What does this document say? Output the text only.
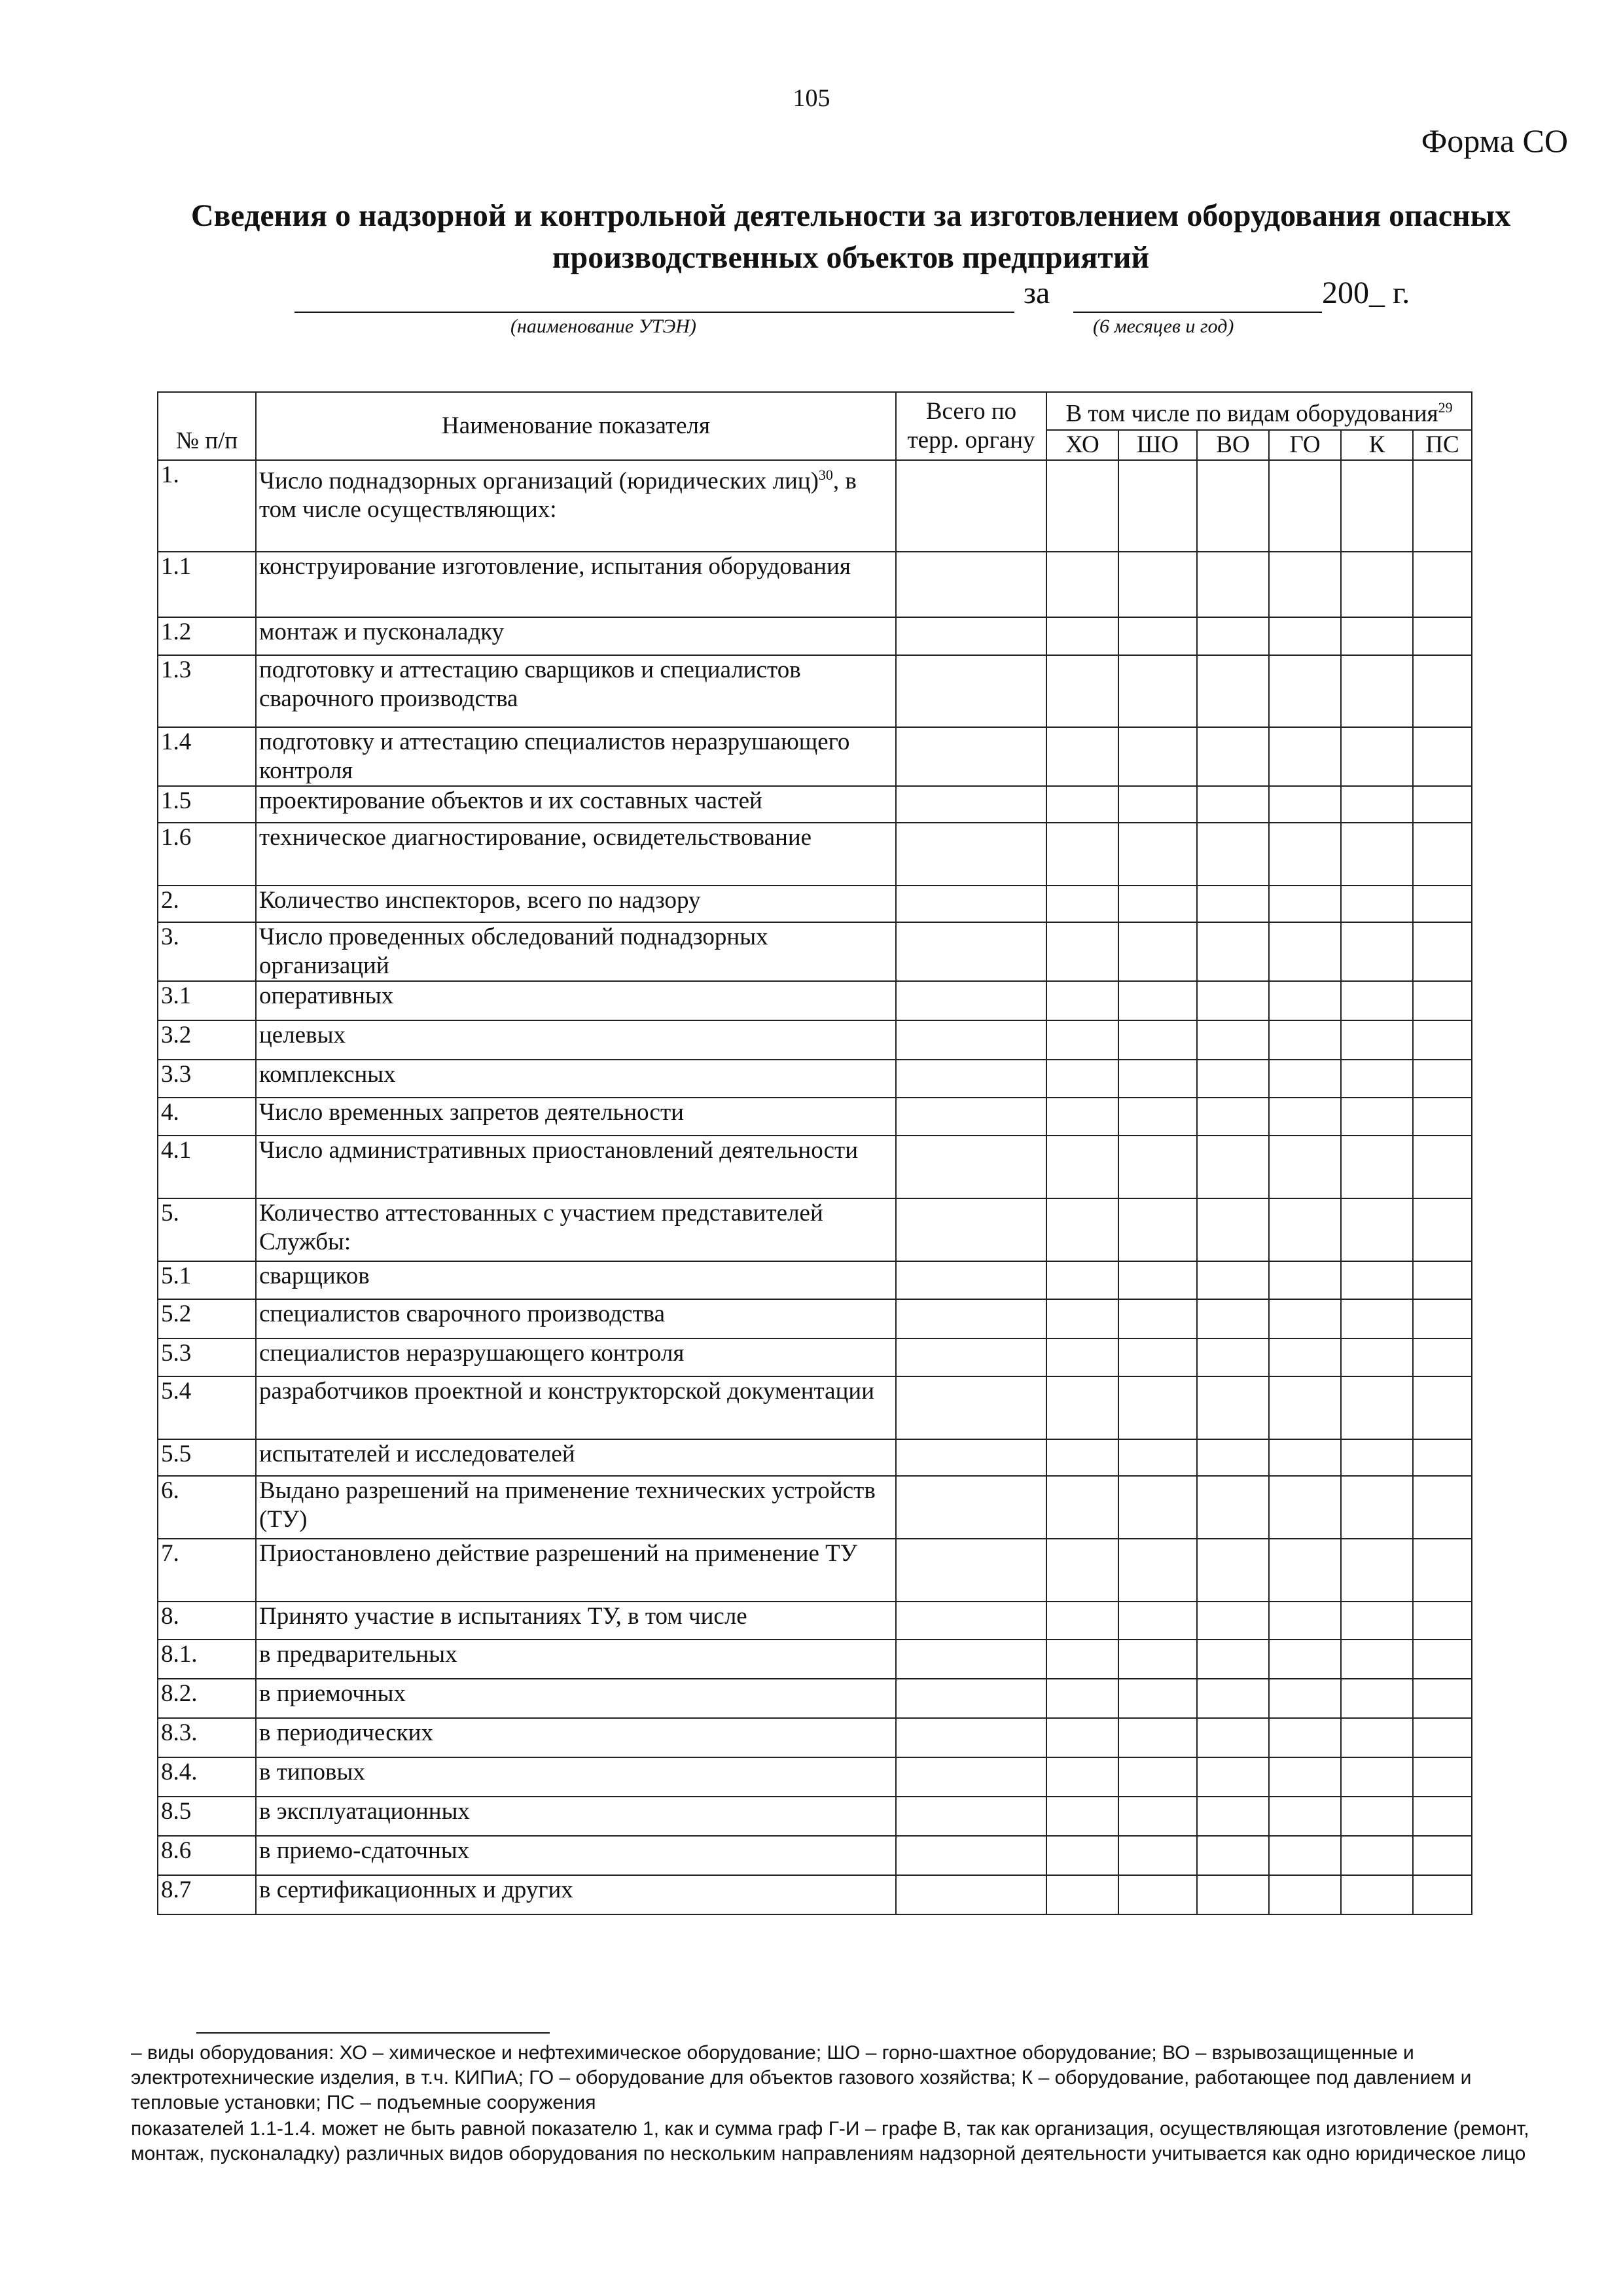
105
Форма СО
Сведения о надзорной и контрольной деятельности за изготовлением оборудования опасных
производственных объектов предприятий
за	200_ г.
(наименование УТЭН)	(6 месяцев и год)
№ п/п	Наименование показателя	Всего по терр. органу	В том числе по видам оборудования$^{29}$
			ХО	ШО	ВО	ГО	К	ПС
1.	Число поднадзорных организаций (юридических лиц)$^{30}$, в том числе осуществляющих:							
1.1	конструирование изготовление, испытания оборудования							
1.2	монтаж и пусконаладку							
1.3	подготовку и аттестацию сварщиков и специалистов сварочного производства							
1.4	подготовку и аттестацию специалистов неразрушающего контроля							
1.5	проектирование объектов и их составных частей							
1.6	техническое диагностирование, освидетельствование							
2.	Количество инспекторов, всего по надзору							
3.	Число проведенных обследований поднадзорных организаций							
3.1	оперативных							
3.2	целевых							
3.3	комплексных							
4.	Число временных запретов деятельности							
4.1	Число административных приостановлений деятельности							
5.	Количество аттестованных с участием представителей Службы:							
5.1	сварщиков							
5.2	специалистов сварочного производства							
5.3	специалистов неразрушающего контроля							
5.4	разработчиков проектной и конструкторской документации							
5.5	испытателей и исследователей							
6.	Выдано разрешений на применение технических устройств (ТУ)							
7.	Приостановлено действие разрешений на применение ТУ							
8.	Принято участие в испытаниях ТУ, в том числе							
8.1.	в предварительных							
8.2.	в приемочных							
8.3.	в периодических							
8.4.	в типовых							
8.5	в эксплуатационных							
8.6	в приемо-сдаточных							
8.7	в сертификационных и других							

– виды оборудования: ХО – химическое и нефтехимическое оборудование; ШО – горно-шахтное оборудование; ВО – взрывозащищенные и электротехнические изделия, в т.ч. КИПиА; ГО – оборудование для объектов газового хозяйства; К – оборудование, работающее под давлением и тепловые установки; ПС – подъемные сооружения

показателей 1.1-1.4. может не быть равной показателю 1, как и сумма граф Г-И – графе В, так как организация, осуществляющая изготовление (ремонт, монтаж, пусконаладку) различных видов оборудования по нескольким направлениям надзорной деятельности учитывается как одно юридическое лицо
